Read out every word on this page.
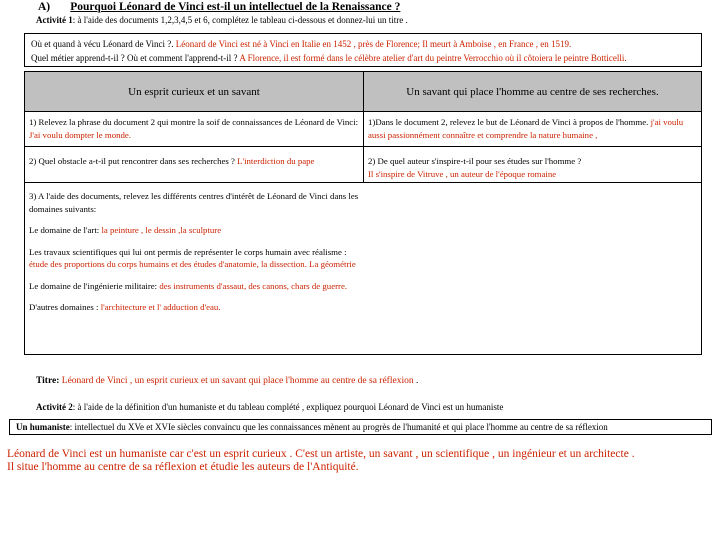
A) Pourquoi Léonard de Vinci est-il un intellectuel de la Renaissance ?
Activité 1: à l'aide des documents 1,2,3,4,5 et 6, complétez le tableau ci-dessous et donnez-lui un titre .
Où et quand à vécu Léonard de Vinci ?. Léonard de Vinci est né à Vinci en Italie en 1452 , près de Florence; Il meurt à Amboise , en France , en 1519.
Quel métier apprend-t-il ? Où et comment l'apprend-t-il ? A Florence, il est formé dans le célèbre atelier d'art du peintre Verrocchio où il côtoiera le peintre Botticelli.
Un esprit curieux et un savant	Un savant qui place l'homme au centre de ses recherches.
1) Relevez la phrase du document 2 qui montre la soif de connaissances de Léonard de Vinci: J'ai voulu dompter le monde.
1)Dans le document 2, relevez le but de Léonard de Vinci à propos de l'homme. j'ai voulu aussi passionnément connaître et comprendre la nature humaine ,
2) Quel obstacle a-t-il put rencontrer dans ses recherches ? L'interdiction du pape	2) De quel auteur s'inspire-t-il pour ses études sur l'homme ?
Il s'inspire de Vitruve , un auteur de l'époque romaine

3) A l'aide des documents, relevez les différents centres d'intérêt de Léonard de Vinci dans les domaines suivants:

Le domaine de l'art: la peinture , le dessin ,la sculpture

Les travaux scientifiques qui lui ont permis de représenter le corps humain avec réalisme : étude des proportions du corps humains et des études d'anatomie, la dissection. La géométrie

Le domaine de l'ingénierie militaire: des instruments d'assaut, des canons, chars de guerre.

D'autres domaines : l'architecture et l' adduction d'eau.

Titre: Léonard de Vinci , un esprit curieux et un savant qui place l'homme au centre de sa réflexion .
Activité 2: à l'aide de la définition d'un humaniste et du tableau complété , expliquez pourquoi Léonard de Vinci est un humaniste
Un humaniste: intellectuel du XVe et XVIe siècles convaincu que les connaissances mènent au progrès de l'humanité et qui place l'homme au centre de sa réflexion
Léonard de Vinci est un humaniste car c'est un esprit curieux . C'est un artiste, un savant , un scientifique , un ingénieur et un architecte .
Il situe l'homme au centre de sa réflexion et étudie les auteurs de l'Antiquité.
